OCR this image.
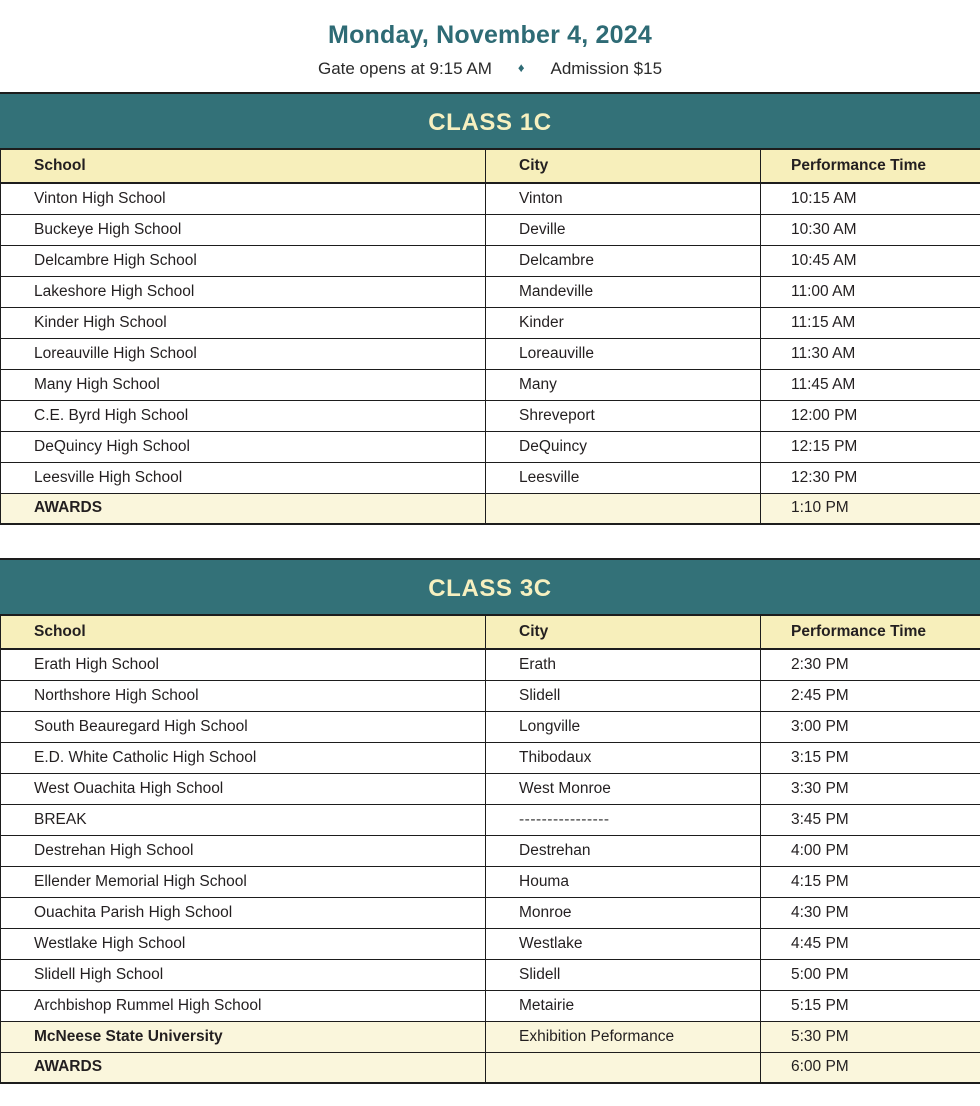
Monday, November 4, 2024
Gate opens at 9:15 AM	♦	Admission $15
CLASS 1C
School	City	Performance Time
Vinton High School	Vinton	10:15 AM
Buckeye High School	Deville	10:30 AM
Delcambre High School	Delcambre	10:45 AM
Lakeshore High School	Mandeville	11:00 AM
Kinder High School	Kinder	11:15 AM
Loreauville High School	Loreauville	11:30 AM
Many High School	Many	11:45 AM
C.E. Byrd High School	Shreveport	12:00 PM
DeQuincy High School	DeQuincy	12:15 PM
Leesville High School	Leesville	12:30 PM
AWARDS		1:10 PM
CLASS 3C
School	City	Performance Time
Erath High School	Erath	2:30 PM
Northshore High School	Slidell	2:45 PM
South Beauregard High School	Longville	3:00 PM
E.D. White Catholic High School	Thibodaux	3:15 PM
West Ouachita High School	West Monroe	3:30 PM
BREAK	----------------	3:45 PM
Destrehan High School	Destrehan	4:00 PM
Ellender Memorial High School	Houma	4:15 PM
Ouachita Parish High School	Monroe	4:30 PM
Westlake High School	Westlake	4:45 PM
Slidell High School	Slidell	5:00 PM
Archbishop Rummel High School	Metairie	5:15 PM
McNeese State University	Exhibition Peformance	5:30 PM
AWARDS		6:00 PM
